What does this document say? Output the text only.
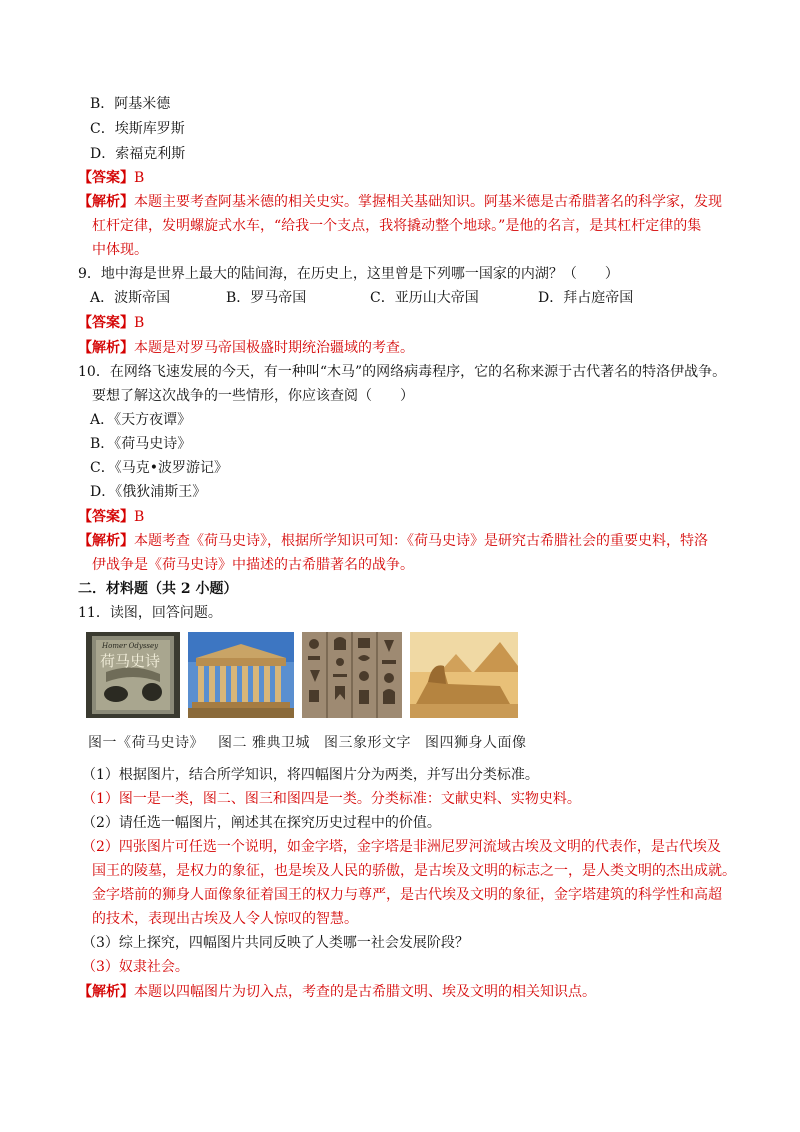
B．阿基米德
C．埃斯库罗斯
D．索福克利斯
【答案】B
【解析】本题主要考查阿基米德的相关史实。掌握相关基础知识。阿基米德是古希腊著名的科学家，发现
杠杆定律，发明螺旋式水车，“给我一个支点，我将撬动整个地球。”是他的名言，是其杠杆定律的集
中体现。
9．地中海是世界上最大的陆间海，在历史上，这里曾是下列哪一国家的内湖？（　　）
A．波斯帝国	B．罗马帝国	C．亚历山大帝国	D．拜占庭帝国
【答案】B
【解析】本题是对罗马帝国极盛时期统治疆域的考查。
10．在网络飞速发展的今天，有一种叫“木马”的网络病毒程序，它的名称来源于古代著名的特洛伊战争。
要想了解这次战争的一些情形，你应该查阅（　　）
A．《天方夜谭》
B．《荷马史诗》
C．《马克•波罗游记》
D．《俄狄浦斯王》
【答案】B
【解析】本题考查《荷马史诗》，根据所学知识可知：《荷马史诗》是研究古希腊社会的重要史料，特洛
伊战争是《荷马史诗》中描述的古希腊著名的战争。
二．材料题（共 2 小题）
11．读图，回答问题。
Homer Odyssey
荷马史诗
图一《荷马史诗》 图二 雅典卫城 图三象形文字 图四狮身人面像
（1）根据图片，结合所学知识，将四幅图片分为两类，并写出分类标准。
（1）图一是一类，图二、图三和图四是一类。分类标准：文献史料、实物史料。
（2）请任选一幅图片，阐述其在探究历史过程中的价值。
（2）四张图片可任选一个说明，如金字塔，金字塔是非洲尼罗河流域古埃及文明的代表作，是古代埃及
国王的陵墓，是权力的象征，也是埃及人民的骄傲，是古埃及文明的标志之一，是人类文明的杰出成就。
金字塔前的狮身人面像象征着国王的权力与尊严，是古代埃及文明的象征，金字塔建筑的科学性和高超
的技术，表现出古埃及人令人惊叹的智慧。
（3）综上探究，四幅图片共同反映了人类哪一社会发展阶段？
（3）奴隶社会。
【解析】本题以四幅图片为切入点，考查的是古希腊文明、埃及文明的相关知识点。
